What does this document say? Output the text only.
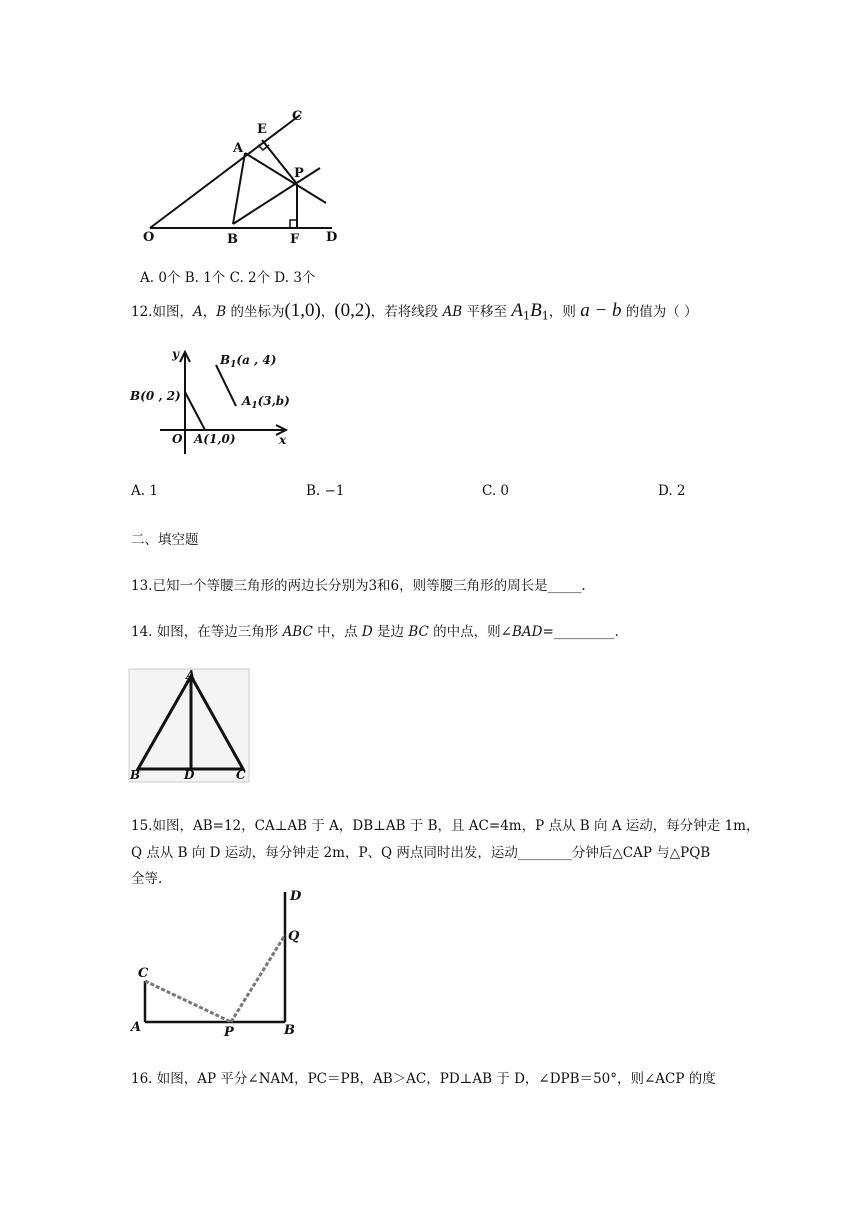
C
E
A
P
O	B	F D
A. 0个 B. 1个 C. 2个 D. 3个
12.如图，A，B 的坐标为(1,0)，(0,2)，若将线段 AB 平移至 $A_1B_1$，则 a − b 的值为（ ）
y
x
O A(1,0)
B(0 , 2)
$B_1(a$ , 4)
$A_1(3,b)$
A. 1	B. −1	C. 0	D. 2
二、填空题
13.已知一个等腰三角形的两边长分别为3和6，则等腰三角形的周长是_____.
14. 如图，在等边三角形 ABC 中，点 D 是边 BC 的中点，则∠BAD=_________.
A
B	D	C
15.如图，AB=12，CA⊥AB 于 A，DB⊥AB 于 B，且 AC=4m，P 点从 B 向 A 运动，每分钟走 1m，
Q 点从 B 向 D 运动，每分钟走 2m，P、Q 两点同时出发，运动________分钟后△CAP 与△PQB
全等.
D
Q
C
A	P	B
16. 如图，AP 平分∠NAM，PC＝PB，AB＞AC，PD⊥AB 于 D，∠DPB＝50°，则∠ACP 的度
